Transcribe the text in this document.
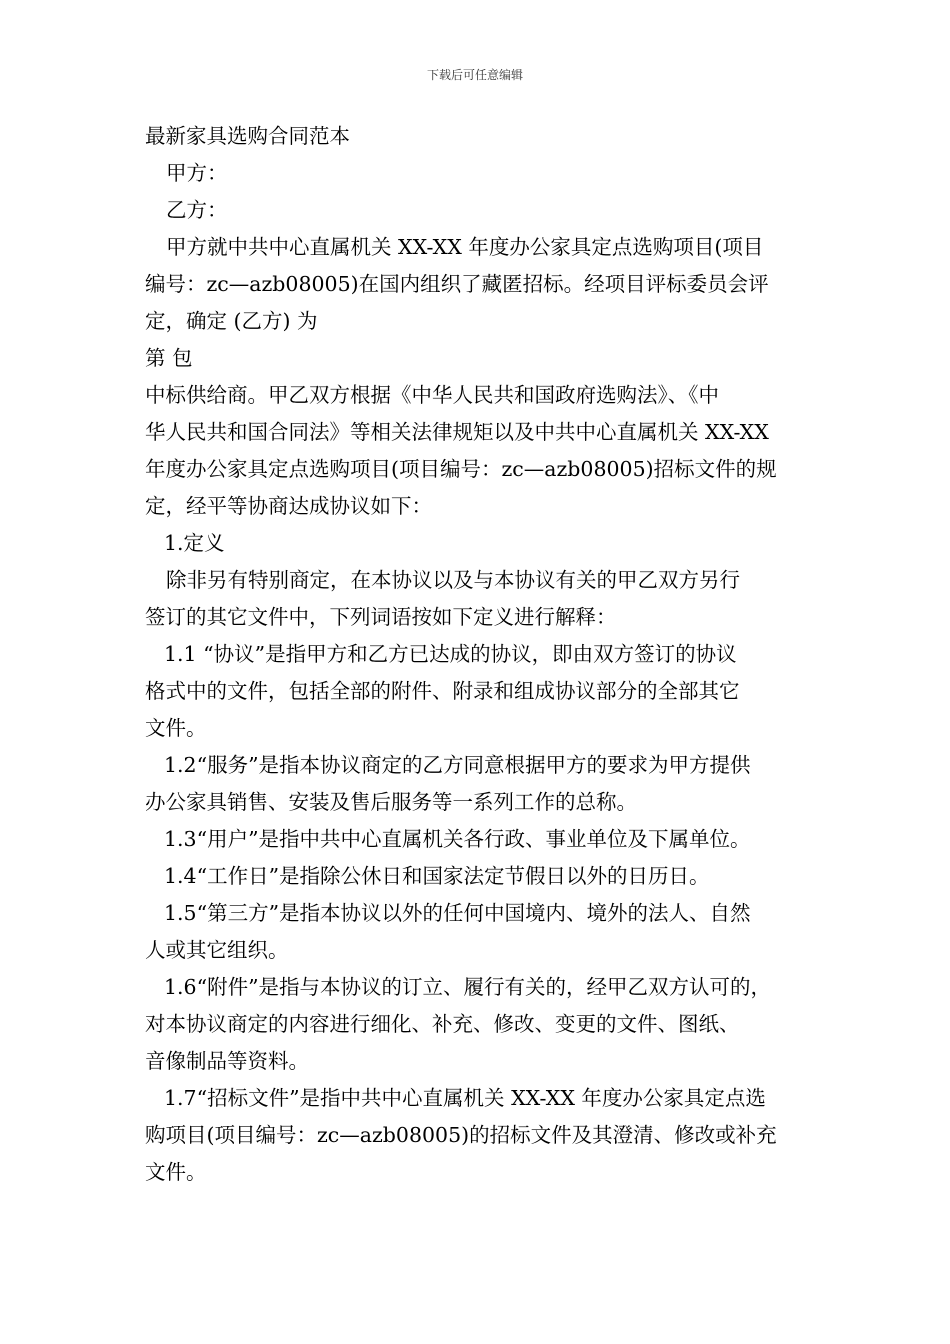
下载后可任意编辑

最新家具选购合同范本

甲方：

乙方：

甲方就中共中心直属机关 XX-XX 年度办公家具定点选购项目(项目

编号：zc—azb08005)在国内组织了藏匿招标。经项目评标委员会评

定，确定 (乙方) 为

第 包

中标供给商。甲乙双方根据《中华人民共和国政府选购法》、《中

华人民共和国合同法》等相关法律规矩以及中共中心直属机关 XX-XX

年度办公家具定点选购项目(项目编号：zc—azb08005)招标文件的规

定，经平等协商达成协议如下：

1.定义

除非另有特别商定，在本协议以及与本协议有关的甲乙双方另行

签订的其它文件中，下列词语按如下定义进行解释：

1.1 “协议”是指甲方和乙方已达成的协议，即由双方签订的协议

格式中的文件，包括全部的附件、附录和组成协议部分的全部其它

文件。

1.2“服务”是指本协议商定的乙方同意根据甲方的要求为甲方提供

办公家具销售、安装及售后服务等一系列工作的总称。

1.3“用户”是指中共中心直属机关各行政、事业单位及下属单位。

1.4“工作日”是指除公休日和国家法定节假日以外的日历日。

1.5“第三方”是指本协议以外的任何中国境内、境外的法人、自然

人或其它组织。

1.6“附件”是指与本协议的订立、履行有关的，经甲乙双方认可的，

对本协议商定的内容进行细化、补充、修改、变更的文件、图纸、

音像制品等资料。

1.7“招标文件”是指中共中心直属机关 XX-XX 年度办公家具定点选

购项目(项目编号：zc—azb08005)的招标文件及其澄清、修改或补充

文件。
